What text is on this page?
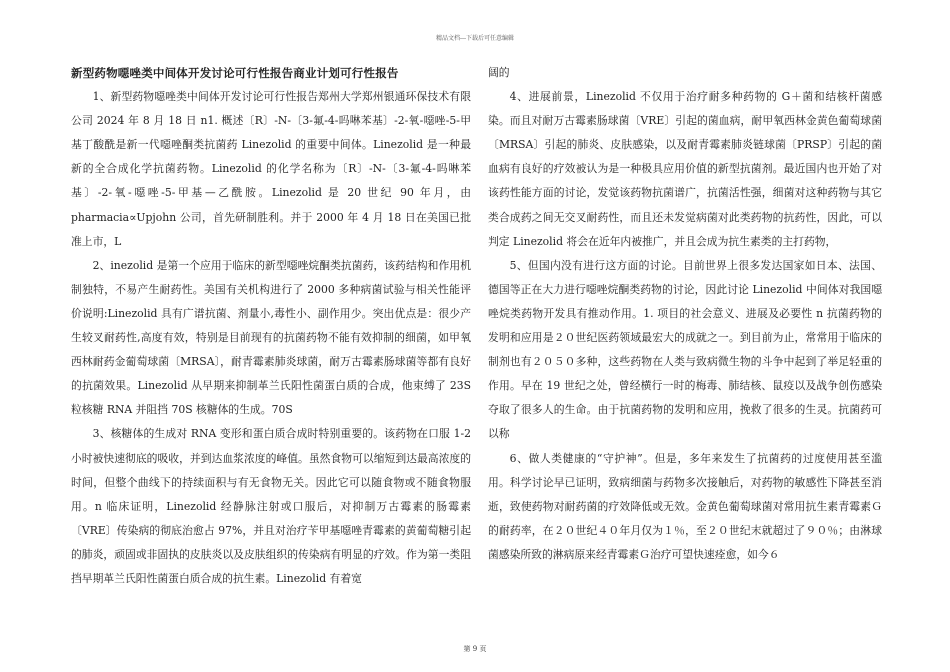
精品文档---下载后可任意编辑

新型药物噁唑类中间体开发讨论可行性报告商业计划可行性报告

1、新型药物噁唑类中间体开发讨论可行性报告郑州大学郑州银通环保技术有限公司 2024 年 8 月 18 日 n1. 概述〔R〕-N-〔3-氟-4-吗啉苯基〕-2-氧-噁唑-5-甲基丁酸酰是新一代噁唑酮类抗菌药 Linezolid 的重要中间体。Linezolid 是一种最新的全合成化学抗菌药物。Linezolid 的化学名称为〔R〕-N-〔3-氟-4-吗啉苯基〕-2-氧-噁唑-5-甲基—乙酰胺。Linezolid 是 20 世纪 90 年月，由 pharmacia∝Upjohn 公司，首先研制胜利。并于 2000 年 4 月 18 日在美国已批准上市，L

2、inezolid 是第一个应用于临床的新型噁唑烷酮类抗菌药，该药结构和作用机制独特，不易产生耐药性。美国有关机构进行了 2000 多种病菌试验与相关性能评价说明:Linezolid 具有广谱抗菌、剂量小,毒性小、副作用少。突出优点是：很少产生较叉耐药性,高度有效，特别是目前现有的抗菌药物不能有效抑制的细菌，如甲氧西林耐药金葡萄球菌〔MRSA〕，耐青霉素肺炎球菌，耐万古霉素肠球菌等都有良好的抗菌效果。Linezolid 从早期来抑制革兰氏阳性菌蛋白质的合成，他束缚了 23S 粒核糖 RNA 并阻挡 70S 核糖体的生成。70S

3、核糖体的生成对 RNA 变形和蛋白质合成时特别重要的。该药物在口服 1-2 小时被快速彻底的吸收，并到达血浆浓度的峰值。虽然食物可以缩短到达最高浓度的时间，但整个曲线下的持续面积与有无食物无关。因此它可以随食物或不随食物服用。n 临床证明，Linezolid 经静脉注射或口服后，对抑制万古霉素的肠霉素〔VRE〕传染病的彻底治愈占 97%，并且对治疗苄甲基噁唑青霉素的黄葡萄糖引起的肺炎，顽固或非固执的皮肤炎以及皮肤组织的传染病有明显的疗效。作为第一类阻挡早期革兰氏阳性菌蛋白质合成的抗生素。Linezolid 有着宽

阔的

4、进展前景，Linezolid 不仅用于治疗耐多种药物的 G＋菌和结核杆菌感染。而且对耐万古霉素肠球菌〔VRE〕引起的菌血病，耐甲氧西林金黄色葡萄球菌〔MRSA〕引起的肺炎、皮肤感染，以及耐青霉素肺炎链球菌〔PRSP〕引起的菌血病有良好的疗效被认为是一种极具应用价值的新型抗菌剂。最近国内也开始了对该药性能方面的讨论，发觉该药物抗菌谱广，抗菌活性强，细菌对这种药物与其它类合成药之间无交叉耐药性，而且还未发觉病菌对此类药物的抗药性，因此，可以判定 Linezolid 将会在近年内被推广，并且会成为抗生素类的主打药物，

5、但国内没有进行这方面的讨论。目前世界上很多发达国家如日本、法国、德国等正在大力进行噁唑烷酮类药物的讨论，因此讨论 Linezolid 中间体对我国噁唑烷类药物开发具有推动作用。1. 项目的社会意义、进展及必要性 n 抗菌药物的发明和应用是２０世纪医药领域最宏大的成就之一。到目前为止，常常用于临床的制剂也有２０５０多种，这些药物在人类与致病微生物的斗争中起到了举足轻重的作用。早在 19 世纪之处，曾经横行一时的梅毒、肺结核、鼠疫以及战争创伤感染夺取了很多人的生命。由于抗菌药物的发明和应用，挽救了很多的生灵。抗菌药可以称

6、做人类健康的“守护神”。但是，多年来发生了抗菌药的过度使用甚至滥用。科学讨论早已证明，致病细菌与药物多次接触后，对药物的敏感性下降甚至消逝，致使药物对耐药菌的疗效降低或无效。金黄色葡萄球菌对常用抗生素青霉素Ｇ的耐药率，在２０世纪４０年月仅为１％，至２０世纪末就超过了９０％；由淋球菌感染所致的淋病原来经青霉素Ｇ治疗可望快速痊愈，如今６

第 9 页
